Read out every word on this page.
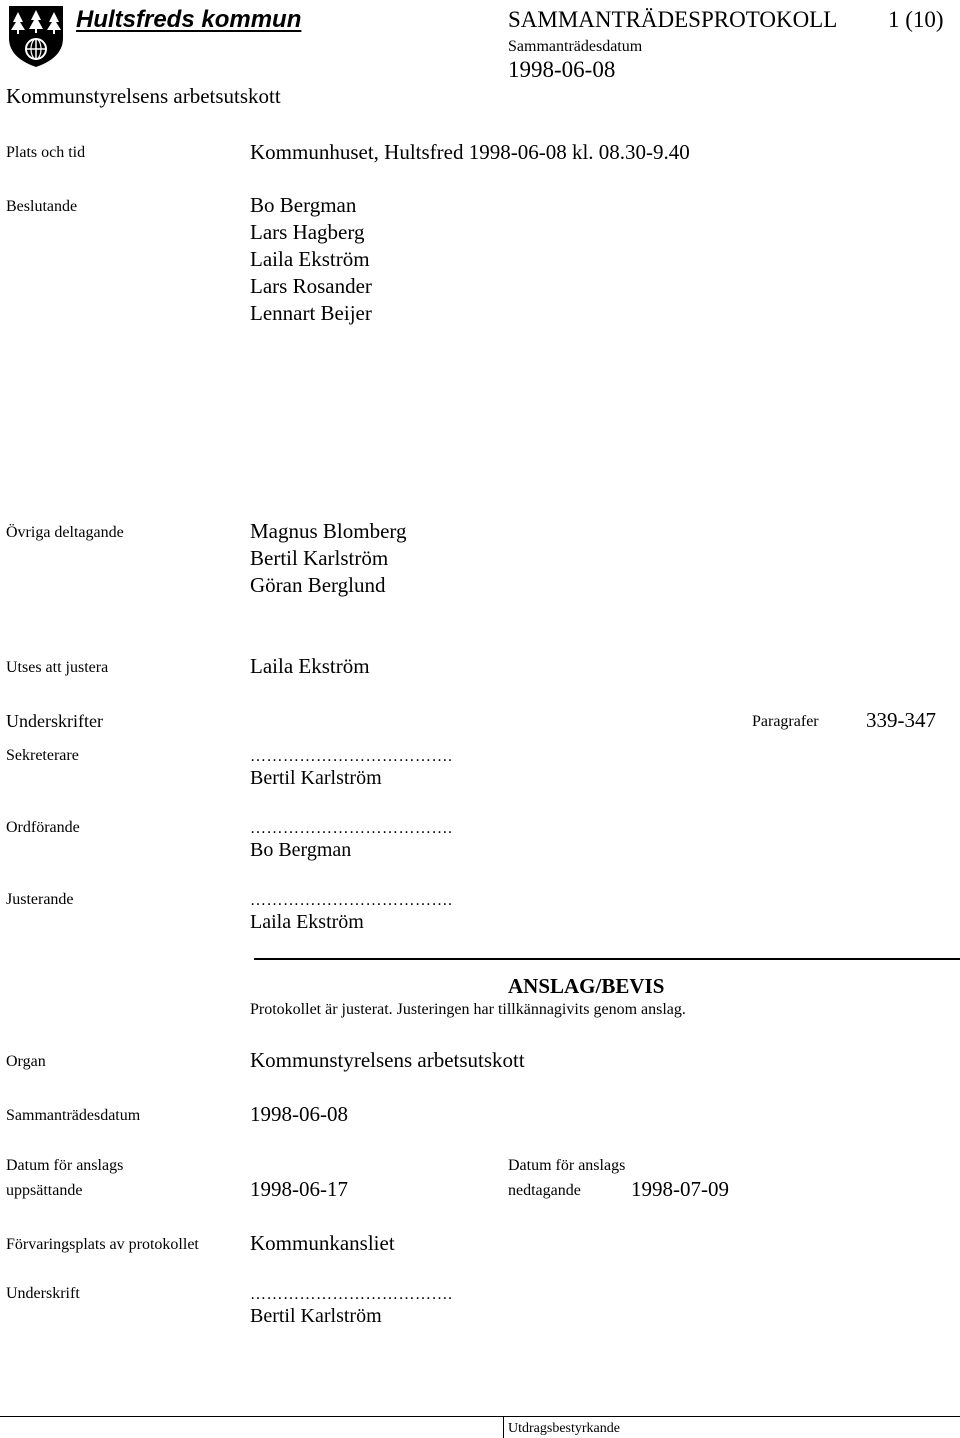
Hultsfreds kommun	SAMMANTRÄDESPROTOKOLL 1 (10)
Sammanträdesdatum
1998-06-08
Kommunstyrelsens arbetsutskott
Plats och tid	Kommunhuset, Hultsfred 1998-06-08 kl. 08.30-9.40
Beslutande	Bo Bergman
Lars Hagberg
Laila Ekström
Lars Rosander
Lennart Beijer
Övriga deltagande	Magnus Blomberg
Bertil Karlström
Göran Berglund
Utses att justera	Laila Ekström
Underskrifter	Paragrafer 339-347
Sekreterare	……………………………….
Bertil Karlström
Ordförande	……………………………….
Bo Bergman
Justerande	……………………………….
Laila Ekström
ANSLAG/BEVIS
Protokollet är justerat. Justeringen har tillkännagivits genom anslag.
Organ	Kommunstyrelsens arbetsutskott
Sammanträdesdatum	1998-06-08
Datum för anslags
uppsättande	1998-06-17
Datum för anslags
nedtagande 1998-07-09
Förvaringsplats av protokollet Kommunkansliet
Underskrift	……………………………….
Bertil Karlström
Utdragsbestyrkande
